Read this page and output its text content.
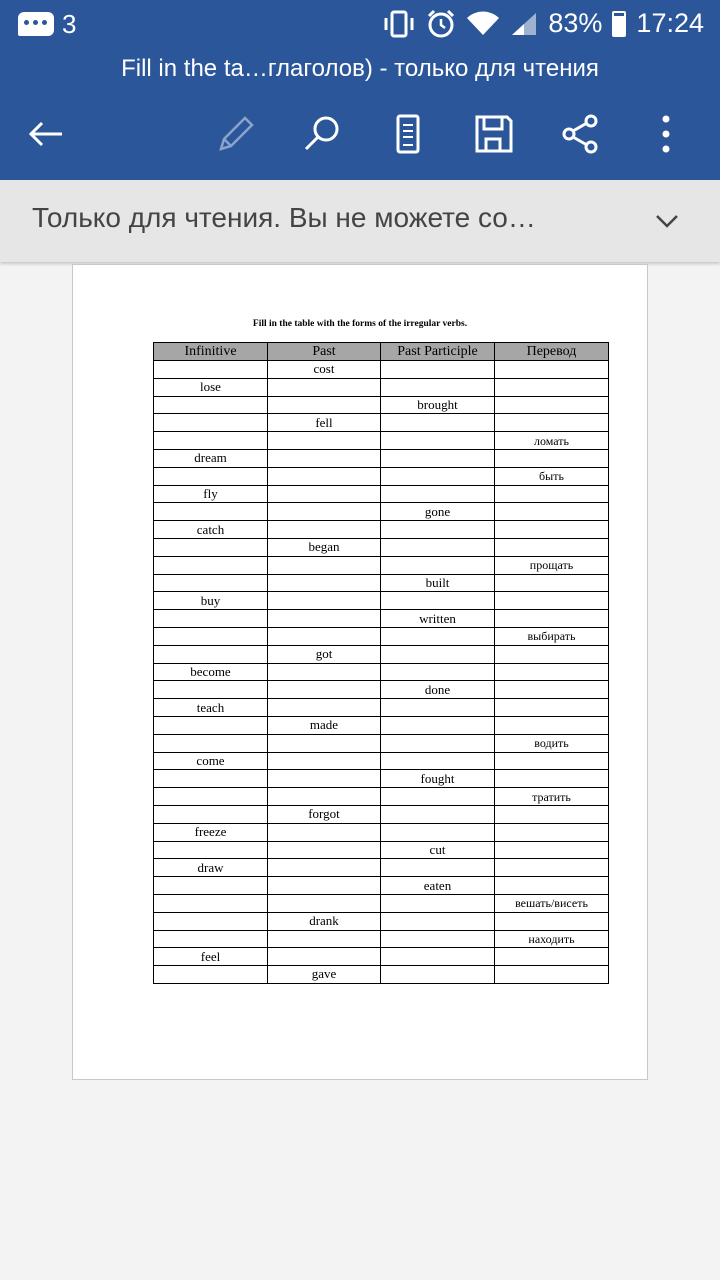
3	83% 17:24
Fill in the ta…глаголов) - только для чтения
Только для чтения. Вы не можете со…
Fill in the table with the forms of the irregular verbs.
Infinitive	Past	Past Participle	Перевод
	cost		
lose			
		brought	
	fell		
			ломать
dream			
			быть
fly			
		gone	
catch			
	began		
			прощать
		built	
buy			
		written	
			выбирать
	got		
become			
		done	
teach			
	made		
			водить
come			
		fought	
			тратить
	forgot		
freeze			
		cut	
draw			
		eaten	
			вешать/висеть
	drank		
			находить
feel			
	gave		
